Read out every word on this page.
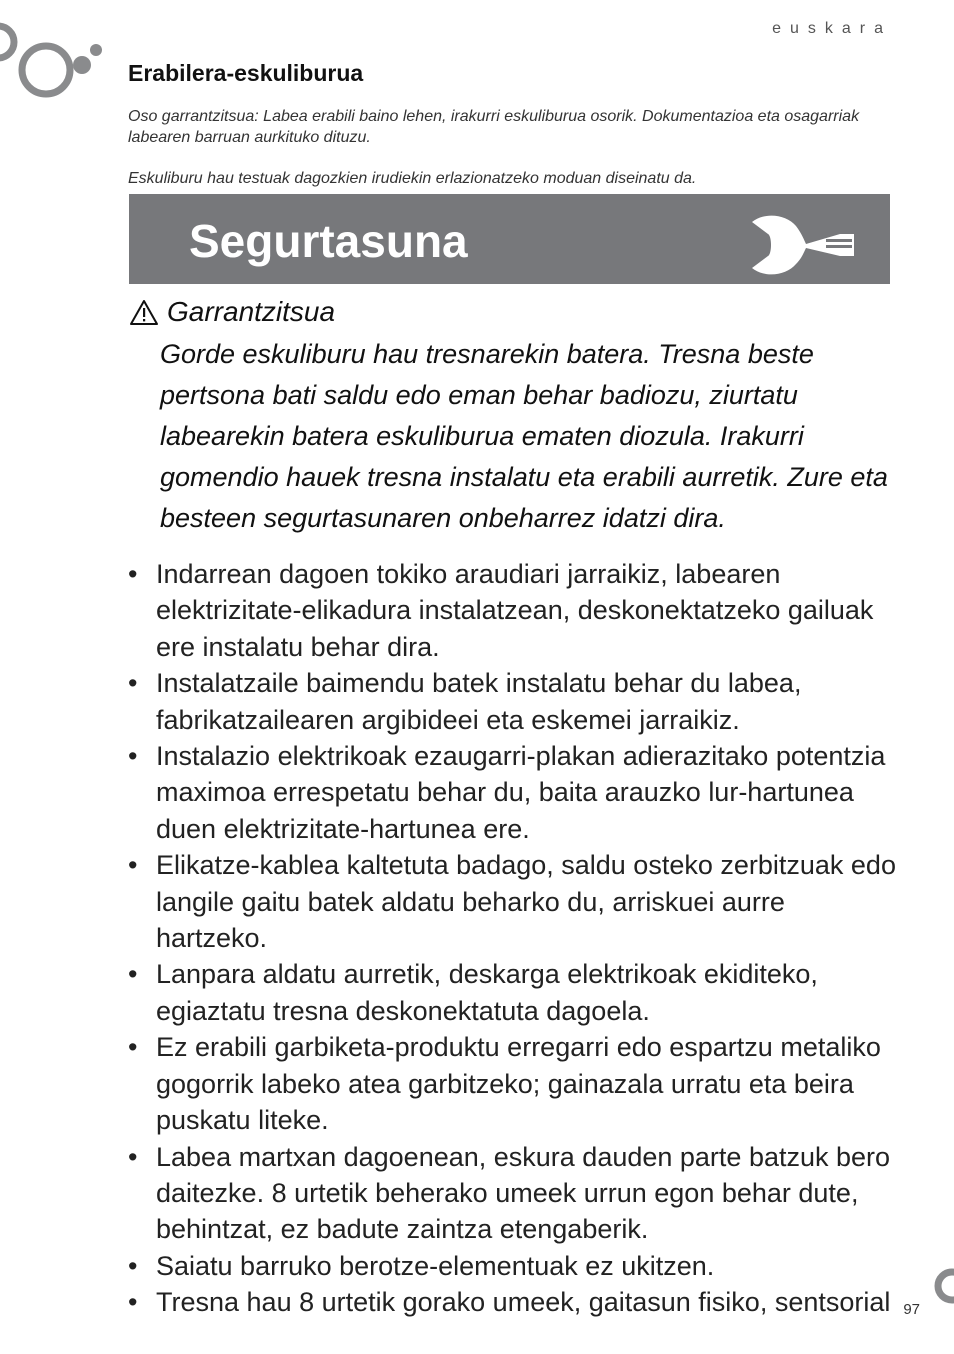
euskara
Erabilera-eskuliburua

Oso garrantzitsua: Labea erabili baino lehen, irakurri eskuliburua osorik. Dokumentazioa eta osagarriak labearen barruan aurkituko dituzu.

Eskuliburu hau testuak dagozkien irudiekin erlazionatzeko moduan diseinatu da.

Segurtasuna
Garrantzitsua

Gorde eskuliburu hau tresnarekin batera. Tresna beste pertsona bati saldu edo eman behar badiozu, ziurtatu labearekin batera eskuliburua ematen diozula. Irakurri gomendio hauek tresna instalatu eta erabili aurretik. Zure eta besteen segurtasunaren onbeharrez idatzi dira.

• Indarrean dagoen tokiko araudiari jarraikiz, labearen elektrizitate-elikadura instalatzean, deskonektatzeko gailuak ere instalatu behar dira.
• Instalatzaile baimendu batek instalatu behar du labea, fabrikatzailearen argibideei eta eskemei jarraikiz.
• Instalazio elektrikoak ezaugarri-plakan adierazitako potentzia maximoa errespetatu behar du, baita arauzko lur-hartunea duen elektrizitate-hartunea ere.
• Elikatze-kablea kaltetuta badago, saldu osteko zerbitzuak edo langile gaitu batek aldatu beharko du, arriskuei aurre hartzeko.
• Lanpara aldatu aurretik, deskarga elektrikoak ekiditeko, egiaztatu tresna deskonektatuta dagoela.
• Ez erabili garbiketa-produktu erregarri edo espartzu metaliko gogorrik labeko atea garbitzeko; gainazala urratu eta beira puskatu liteke.
• Labea martxan dagoenean, eskura dauden parte batzuk bero daitezke. 8 urtetik beherako umeek urrun egon behar dute, behintzat, ez badute zaintza etengaberik.
• Saiatu barruko berotze-elementuak ez ukitzen.
• Tresna hau 8 urtetik gorako umeek, gaitasun fisiko, sentsorial 97
